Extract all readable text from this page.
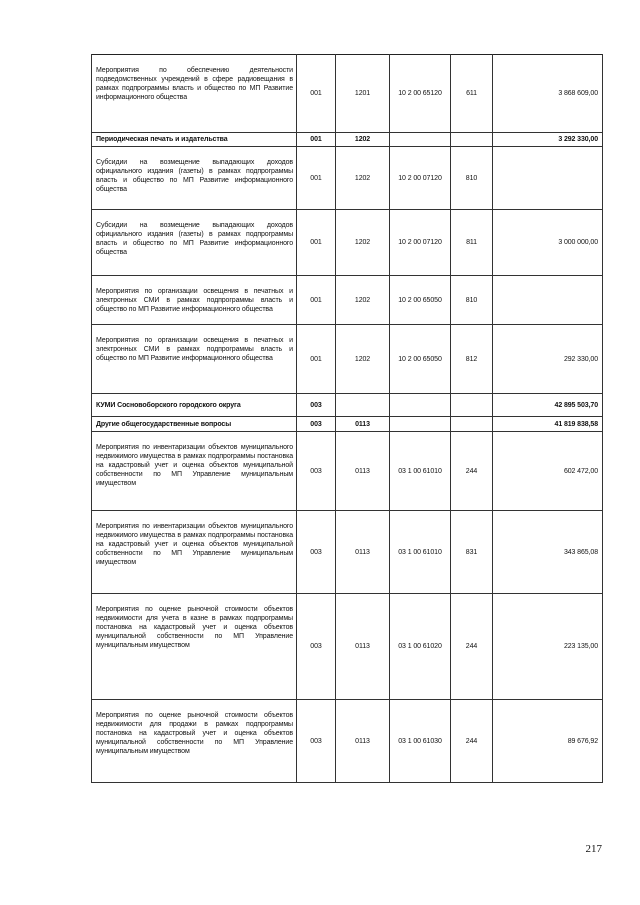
Мероприятия по обеспечению деятельности подведомственных учреждений в сфере радиовещания в рамках подпрограммы власть и общество по МП Развитие информационного общества	001	1201	10 2 00 65120	611	3 868 609,00

Периодическая печать и издательства	001	1202			3 292 330,00

Субсидии на возмещение выпадающих доходов официального издания (газеты) в рамках подпрограммы власть и общество по МП Развитие информационного общества	001	1202	10 2 00 07120	810	

Субсидии на возмещение выпадающих доходов официального издания (газеты) в рамках подпрограммы власть и общество по МП Развитие информационного общества	001	1202	10 2 00 07120	811	3 000 000,00

Мероприятия по организации освещения в печатных и электронных СМИ в рамках подпрограммы власть и общество по МП Развитие информационного общества	001	1202	10 2 00 65050	810	

Мероприятия по организации освещения в печатных и электронных СМИ в рамках подпрограммы власть и общество по МП Развитие информационного общества	001	1202	10 2 00 65050	812	292 330,00

КУМИ Сосновоборского городского округа	003				42 895 503,70

Другие общегосударственные вопросы	003	0113			41 819 838,58

Мероприятия по инвентаризации объектов муниципального недвижимого имущества в рамках подпрограммы постановка на кадастровый учет и оценка объектов муниципальной собственности по МП Управление муниципальным имуществом	003	0113	03 1 00 61010	244	602 472,00

Мероприятия по инвентаризации объектов муниципального недвижимого имущества в рамках подпрограммы постановка на кадастровый учет и оценка объектов муниципальной собственности по МП Управление муниципальным имуществом	003	0113	03 1 00 61010	831	343 865,08

Мероприятия по оценке рыночной стоимости объектов недвижимости для учета в казне в рамках подпрограммы постановка на кадастровый учет и оценка объектов муниципальной собственности по МП Управление муниципальным имуществом	003	0113	03 1 00 61020	244	223 135,00

Мероприятия по оценке рыночной стоимости объектов недвижимости для продажи в рамках подпрограммы постановка на кадастровый учет и оценка объектов муниципальной собственности по МП Управление муниципальным имуществом	003	0113	03 1 00 61030	244	89 676,92
217
